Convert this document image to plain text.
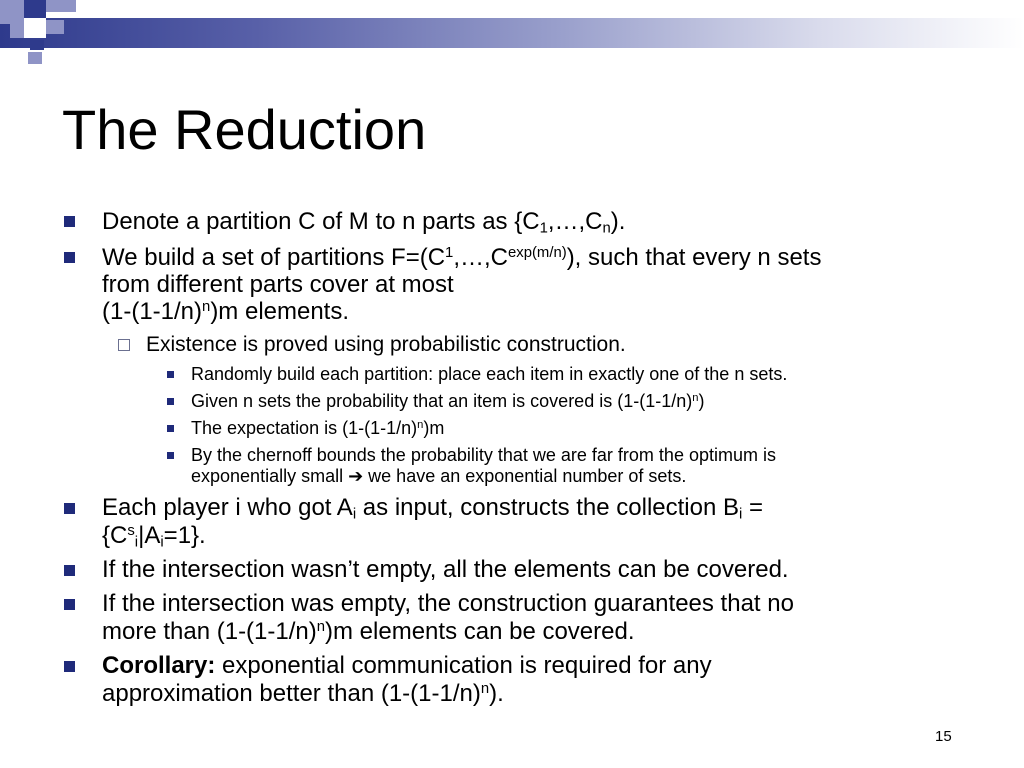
The Reduction

Denote a partition C of M to n parts as $\{C_1,\dots,C_n)$.

We build a set of partitions $F=(C^1,\dots,C^{exp(m/n)})$, such that every n sets

from different parts cover at most

$(1-(1-1/n)^n)m$ elements.

Existence is proved using probabilistic construction.

Randomly build each partition: place each item in exactly one of the n sets.

Given n sets the probability that an item is covered is $(1-(1-1/n)^n)$

The expectation is $(1-(1-1/n)^n)m$

By the chernoff bounds the probability that we are far from the optimum is

exponentially small ➔ we have an exponential number of sets.

Each player i who got $A_i$ as input, constructs the collection $B_i$ =

$\{C^s_i|A_i=1\}$.

If the intersection wasn’t empty, all the elements can be covered.

If the intersection was empty, the construction guarantees that no

more than $(1-(1-1/n)^n)m$ elements can be covered.

Corollary: exponential communication is required for any

approximation better than $(1-(1-1/n)^n)$.

15
